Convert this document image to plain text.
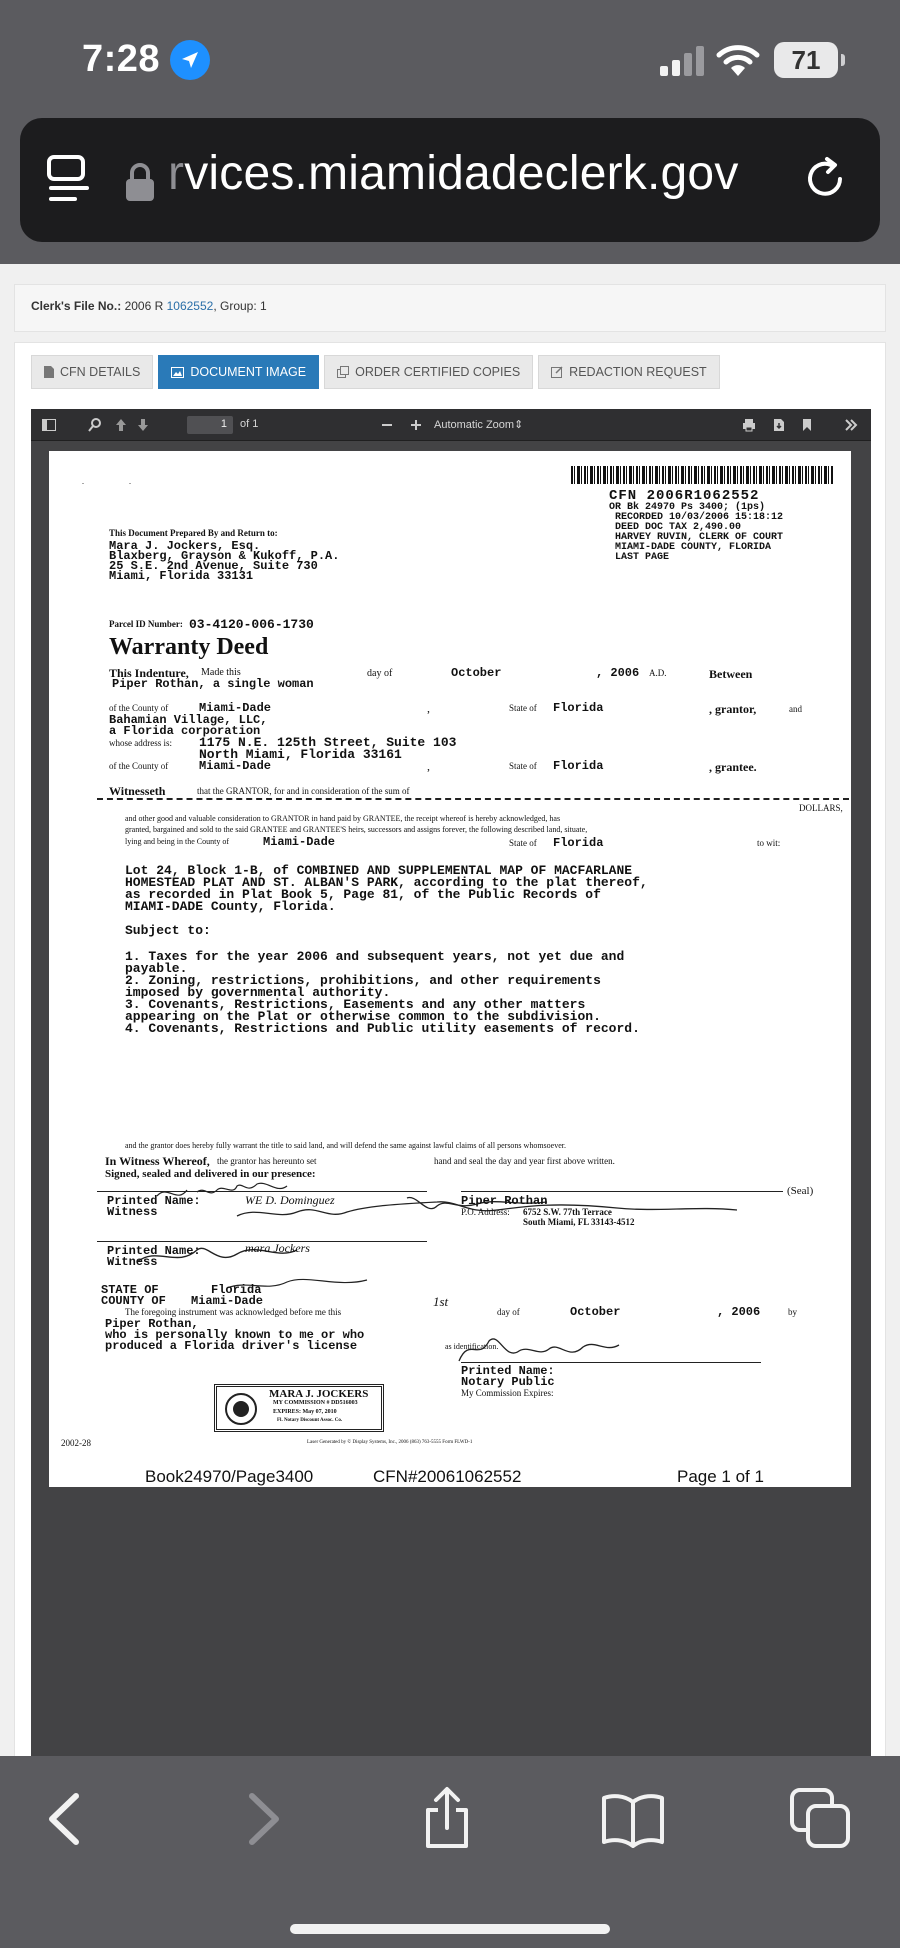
7:28	71
rvices.miamidadeclerk.gov
Clerk's File No.: 2006 R 1062552, Group: 1
CFN DETAILS	DOCUMENT IMAGE	ORDER CERTIFIED COPIES	REDACTION REQUEST
1	of 1	Automatic Zoom⇕
.	.
CFN 2006R1062552
OR Bk 24970 Ps 3400; (1ps)
RECORDED 10/03/2006 15:18:12
DEED DOC TAX 2,490.00
HARVEY RUVIN, CLERK OF COURT
MIAMI-DADE COUNTY, FLORIDA
LAST PAGE
This Document Prepared By and Return to:
Mara J. Jockers, Esq.
Blaxberg, Grayson & Kukoff, P.A.
25 S.E. 2nd Avenue, Suite 730
Miami, Florida 33131
Parcel ID Number: 03-4120-006-1730
Warranty Deed
This Indenture, Made this	day of	October	, 2006 A.D.	Between
Piper Rothan, a single woman
of the County of	Miami-Dade	,	State of Florida	, grantor,	and
Bahamian Village, LLC,
a Florida corporation
whose address is: 1175 N.E. 125th Street, Suite 103
North Miami, Florida 33161
of the County of	Miami-Dade	,	State of Florida	, grantee.
Witnesseth	that the GRANTOR, for and in consideration of the sum of
DOLLARS,
and other good and valuable consideration to GRANTOR in hand paid by GRANTEE, the receipt whereof is hereby acknowledged, has
granted, bargained and sold to the said GRANTEE and GRANTEE'S heirs, successors and assigns forever, the following described land, situate,
lying and being in the County of	Miami-Dade	State of Florida	to wit:
Lot 24, Block 1-B, of COMBINED AND SUPPLEMENTAL MAP OF MACFARLANE
HOMESTEAD PLAT AND ST. ALBAN'S PARK, according to the plat thereof,
as recorded in Plat Book 5, Page 81, of the Public Records of
MIAMI-DADE County, Florida.
Subject to:
1. Taxes for the year 2006 and subsequent years, not yet due and
payable.
2. Zoning, restrictions, prohibitions, and other requirements
imposed by governmental authority.
3. Covenants, Restrictions, Easements and any other matters
appearing on the Plat or otherwise common to the subdivision.
4. Covenants, Restrictions and Public utility easements of record.
and the grantor does hereby fully warrant the title to said land, and will defend the same against lawful claims of all persons whomsoever.
In Witness Whereof, the grantor has hereunto set	hand and seal the day and year first above written.
Signed, sealed and delivered in our presence:
(Seal)
Printed Name:	WE D. Dominguez
Witness
Piper Rothan
P.O. Address: 6752 S.W. 77th Terrace
South Miami, FL 33143-4512
Printed Name:	mara Jockers
Witness
STATE OF	Florida
COUNTY OF Miami-Dade
The foregoing instrument was acknowledged before me this
1st
day of	October	, 2006	by
Piper Rothan,
who is personally known to me or who
produced a Florida driver's license	as identification.
Printed Name:
Notary Public
My Commission Expires:
MARA J. JOCKERS
MY COMMISSION # DD516003
EXPIRES: May 07, 2010
Fl. Notary Discount Assoc. Co.
2002-28	Laser Generated by © Display Systems, Inc., 2006 (863) 763-5555 Form FLWD-1
Book24970/Page3400	CFN#20061062552	Page 1 of 1
